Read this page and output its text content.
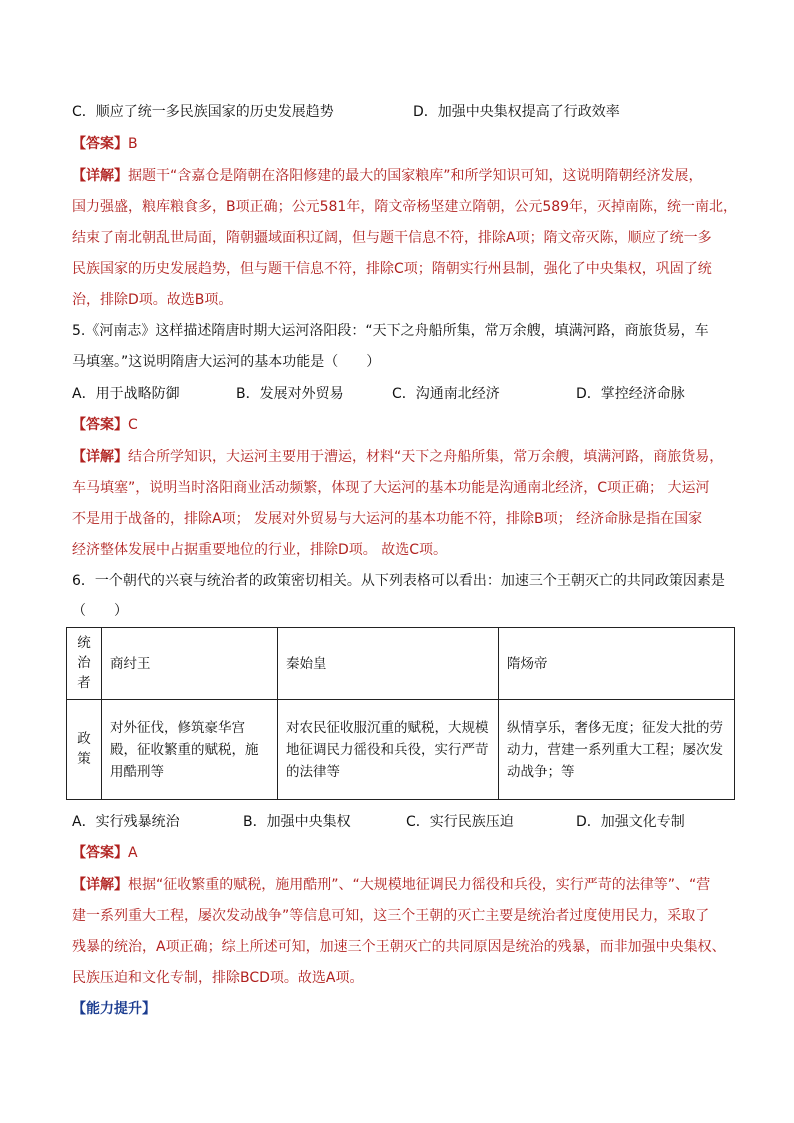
C．顺应了统一多民族国家的历史发展趋势	D．加强中央集权提高了行政效率
【答案】B
【详解】据题干“含嘉仓是隋朝在洛阳修建的最大的国家粮库”和所学知识可知，这说明隋朝经济发展，
国力强盛，粮库粮食多，B项正确；公元581年，隋文帝杨坚建立隋朝，公元589年，灭掉南陈，统一南北，
结束了南北朝乱世局面，隋朝疆域面积辽阔，但与题干信息不符，排除A项；隋文帝灭陈，顺应了统一多
民族国家的历史发展趋势，但与题干信息不符，排除C项；隋朝实行州县制，强化了中央集权，巩固了统
治，排除D项。故选B项。
5.《河南志》这样描述隋唐时期大运河洛阳段：“天下之舟船所集，常万余艘，填满河路，商旅货易，车
马填塞。”这说明隋唐大运河的基本功能是（　　）
A．用于战略防御	B．发展对外贸易	C．沟通南北经济	D．掌控经济命脉
【答案】C
【详解】结合所学知识，大运河主要用于漕运，材料“天下之舟船所集，常万余艘，填满河路，商旅货易，
车马填塞”，说明当时洛阳商业活动频繁，体现了大运河的基本功能是沟通南北经济，C项正确； 大运河
不是用于战备的，排除A项； 发展对外贸易与大运河的基本功能不符，排除B项； 经济命脉是指在国家
经济整体发展中占据重要地位的行业，排除D项。 故选C项。
6．一个朝代的兴衰与统治者的政策密切相关。从下列表格可以看出：加速三个王朝灭亡的共同政策因素是
（　　）
统治者	商纣王	秦始皇	隋炀帝
政策	对外征伐，修筑豪华宫殿，征收繁重的赋税，施用酷刑等	对农民征收服沉重的赋税，大规模地征调民力徭役和兵役，实行严苛的法律等	纵情享乐，奢侈无度；征发大批的劳动力，营建一系列重大工程；屡次发动战争；等
A．实行残暴统治	B．加强中央集权	C．实行民族压迫	D．加强文化专制
【答案】A
【详解】根据“征收繁重的赋税，施用酷刑”、“大规模地征调民力徭役和兵役，实行严苛的法律等”、“营
建一系列重大工程，屡次发动战争”等信息可知，这三个王朝的灭亡主要是统治者过度使用民力，采取了
残暴的统治，A项正确；综上所述可知，加速三个王朝灭亡的共同原因是统治的残暴，而非加强中央集权、
民族压迫和文化专制，排除BCD项。故选A项。
【能力提升】
